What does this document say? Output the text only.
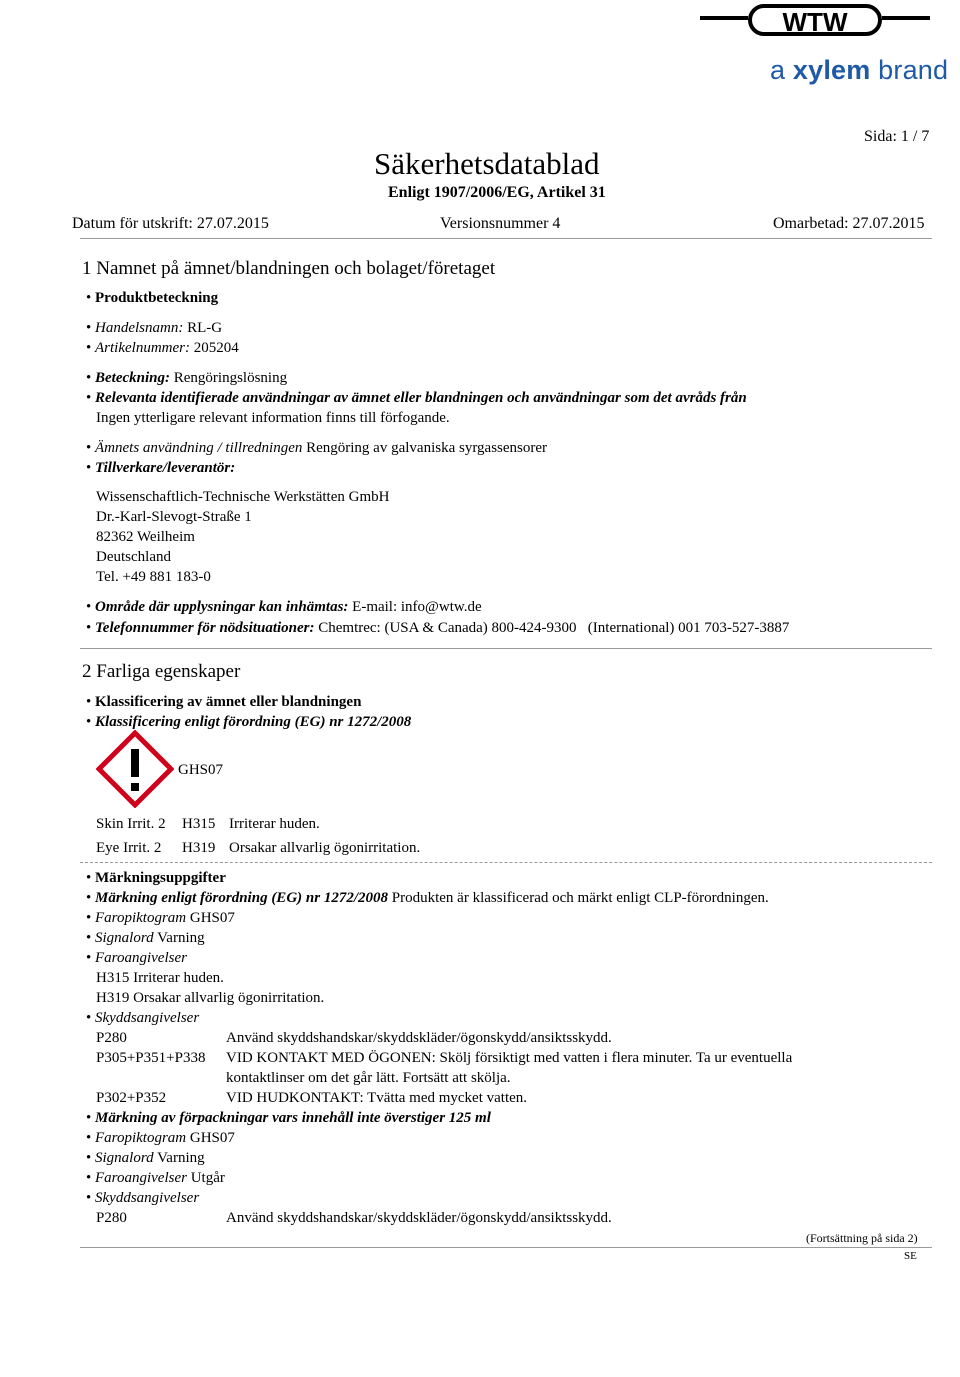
WTW
a xylem brand
Sida: 1 / 7
Säkerhetsdatablad
Enligt 1907/2006/EG, Artikel 31
Datum för utskrift: 27.07.2015	Versionsnummer 4	Omarbetad: 27.07.2015
1 Namnet på ämnet/blandningen och bolaget/företaget
• Produktbeteckning
• Handelsnamn: RL-G
• Artikelnummer: 205204
• Beteckning: Rengöringslösning
• Relevanta identifierade användningar av ämnet eller blandningen och användningar som det avråds från
Ingen ytterligare relevant information finns till förfogande.
• Ämnets användning / tillredningen Rengöring av galvaniska syrgassensorer
• Tillverkare/leverantör:
Wissenschaftlich-Technische Werkstätten GmbH
Dr.-Karl-Slevogt-Straße 1
82362 Weilheim
Deutschland
Tel. +49 881 183-0
• Område där upplysningar kan inhämtas: E-mail: info@wtw.de
• Telefonnummer för nödsituationer: Chemtrec: (USA & Canada) 800-424-9300   (International) 001 703-527-3887
2 Farliga egenskaper
• Klassificering av ämnet eller blandningen
• Klassificering enligt förordning (EG) nr 1272/2008
GHS07
Skin Irrit. 2 H315 Irriterar huden.
Eye Irrit. 2 H319 Orsakar allvarlig ögonirritation.
• Märkningsuppgifter
• Märkning enligt förordning (EG) nr 1272/2008 Produkten är klassificerad och märkt enligt CLP-förordningen.
• Faropiktogram GHS07
• Signalord Varning
• Faroangivelser
H315 Irriterar huden.
H319 Orsakar allvarlig ögonirritation.
• Skyddsangivelser
P280	Använd skyddshandskar/skyddskläder/ögonskydd/ansiktsskydd.
P305+P351+P338 VID KONTAKT MED ÖGONEN: Skölj försiktigt med vatten i flera minuter. Ta ur eventuella
kontaktlinser om det går lätt. Fortsätt att skölja.
P302+P352	VID HUDKONTAKT: Tvätta med mycket vatten.
• Märkning av förpackningar vars innehåll inte överstiger 125 ml
• Faropiktogram GHS07
• Signalord Varning
• Faroangivelser Utgår
• Skyddsangivelser
P280	Använd skyddshandskar/skyddskläder/ögonskydd/ansiktsskydd.
(Fortsättning på sida 2)
SE
